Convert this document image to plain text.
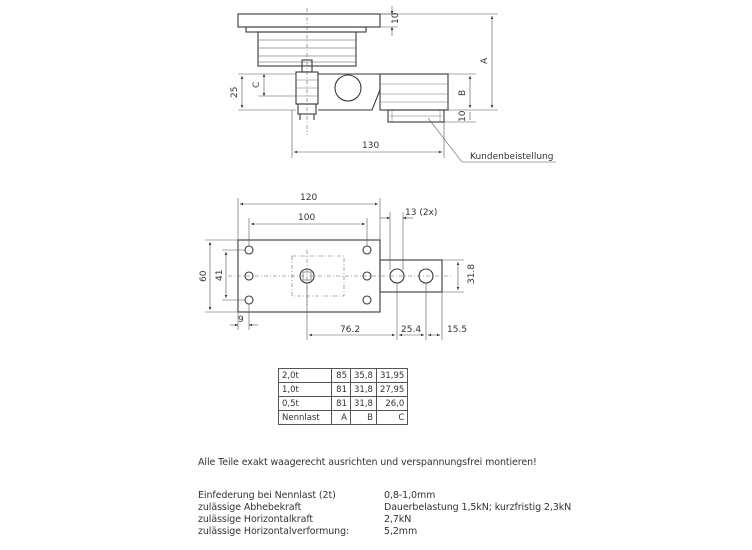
10
A
B
10
25
C
130
Kundenbeistellung
120
100	13 (2x)
60 41	31.8
9
76.2	25.4	15.5
2,0t	85	35,8	31,95
1,0t	81	31,8	27,95
0,5t	81	31,8	26,0
Nennlast	A	B	C
Alle Teile exakt waagerecht ausrichten und verspannungsfrei montieren!
Einfederung bei Nennlast (2t)	0,8-1,0mm
zulässige Abhebekraft	Dauerbelastung 1,5kN; kurzfristig 2,3kN
zulässige Horizontalkraft	2,7kN
zulässige Horizontalverformung:	5,2mm
